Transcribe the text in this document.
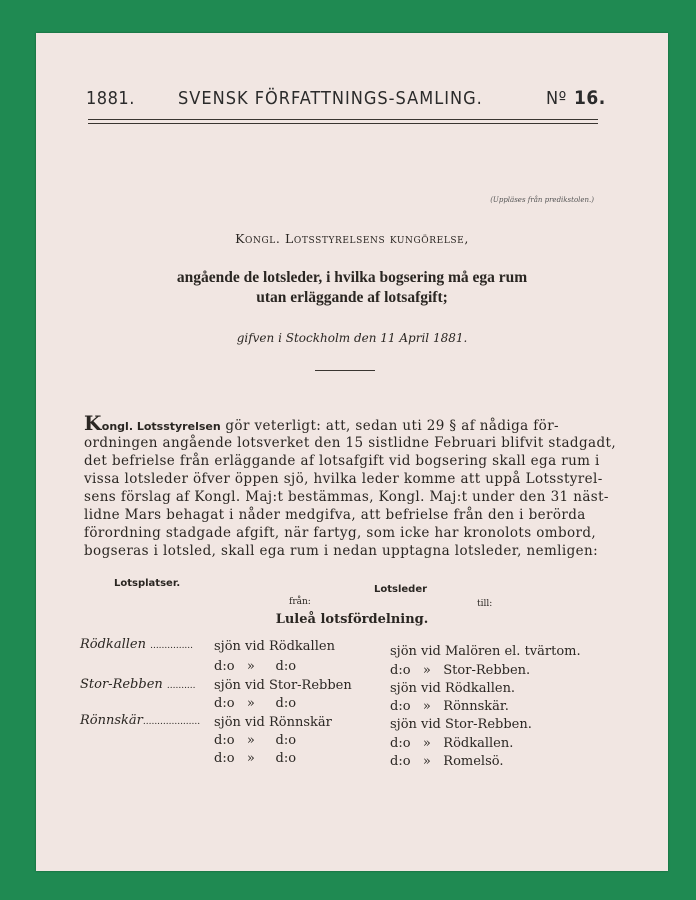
1881. SVENSK FÖRFATTNINGS-SAMLING.	Nº 16.
(Uppläses från predikstolen.)
Kongl. Lotsstyrelsens kungörelse,
angående de lotsleder, i hvilka bogsering må ega rum
utan erläggande af lotsafgift;
gifven i Stockholm den 11 April 1881.
Kongl. Lotsstyrelsen gör veterligt: att, sedan uti 29 § af nådiga för-
ordningen angående lotsverket den 15 sistlidne Februari blifvit stadgadt,
det befrielse från erläggande af lotsafgift vid bogsering skall ega rum i
vissa lotsleder öfver öppen sjö, hvilka leder komme att uppå Lotsstyrel-
sens förslag af Kongl. Maj:t bestämmas, Kongl. Maj:t under den 31 näst-
lidne Mars behagat i nåder medgifva, att befrielse från den i berörda
förordning stadgade afgift, när fartyg, som icke har kronolots ombord,
bogseras i lotsled, skall ega rum i nedan upptagna lotsleder, nemligen:
Lotsplatser.
Lotsleder
från:	till:
Luleå lotsfördelning.
Rödkallen ............... sjön vid Rödkallen	sjön vid Malören el. tvärtom.
d:o   »     d:o	d:o   »   Stor-Rebben.
Stor-Rebben .......... sjön vid Stor-Rebben	sjön vid Rödkallen.
d:o   »     d:o	d:o   »   Rönnskär.
Rönnskär.................... sjön vid Rönnskär	sjön vid Stor-Rebben.
d:o   »     d:o	d:o   »   Rödkallen.
d:o   »     d:o	d:o   »   Romelsö.
